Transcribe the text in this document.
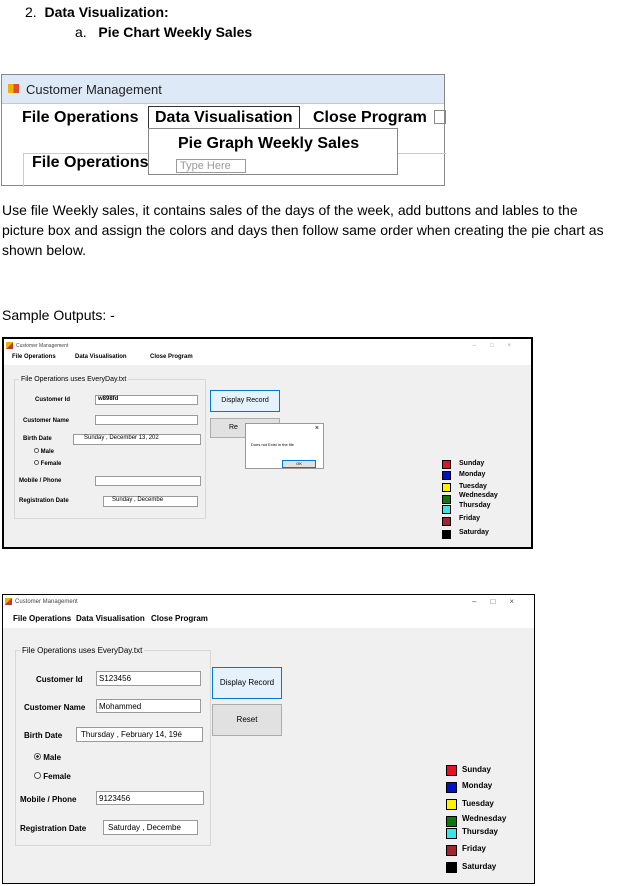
2. Data Visualization:
a. Pie Chart Weekly Sales
Customer Management
File Operations	Data Visualisation	Close Program
File Operations
Pie Graph Weekly Sales
Type Here
Use file Weekly sales, it contains sales of the days of the week, add buttons and lables to the picture box and assign the colors and days then follow same order when creating the pie chart as shown below.
Sample Outputs: -
Customer Management	–□×
File Operations	Data Visualisation	Close Program
File Operations uses EveryDay.txt
Customer Id	w898fd
Customer Name
Birth Date	Sunday , December 13, 202
Male
Female
Mobile / Phone
Registration Date	Sunday , Decembe
Display Record
Re	×
Does not Exist in the file
OK	Sunday
Monday
Tuesday
Wednesday
Thursday
Friday
Saturday
Customer Management	–□×
File Operations Data Visualisation Close Program
File Operations uses EveryDay.txt
Customer Id	S123456
Customer Name	Mohammed
Birth Date	Thursday , February 14, 19é
Male
Female
Mobile / Phone	9123456
Registration Date	Saturday , Decembe
Display Record
Reset
Sunday
Monday
Tuesday
Wednesday
Thursday
Friday
Saturday
